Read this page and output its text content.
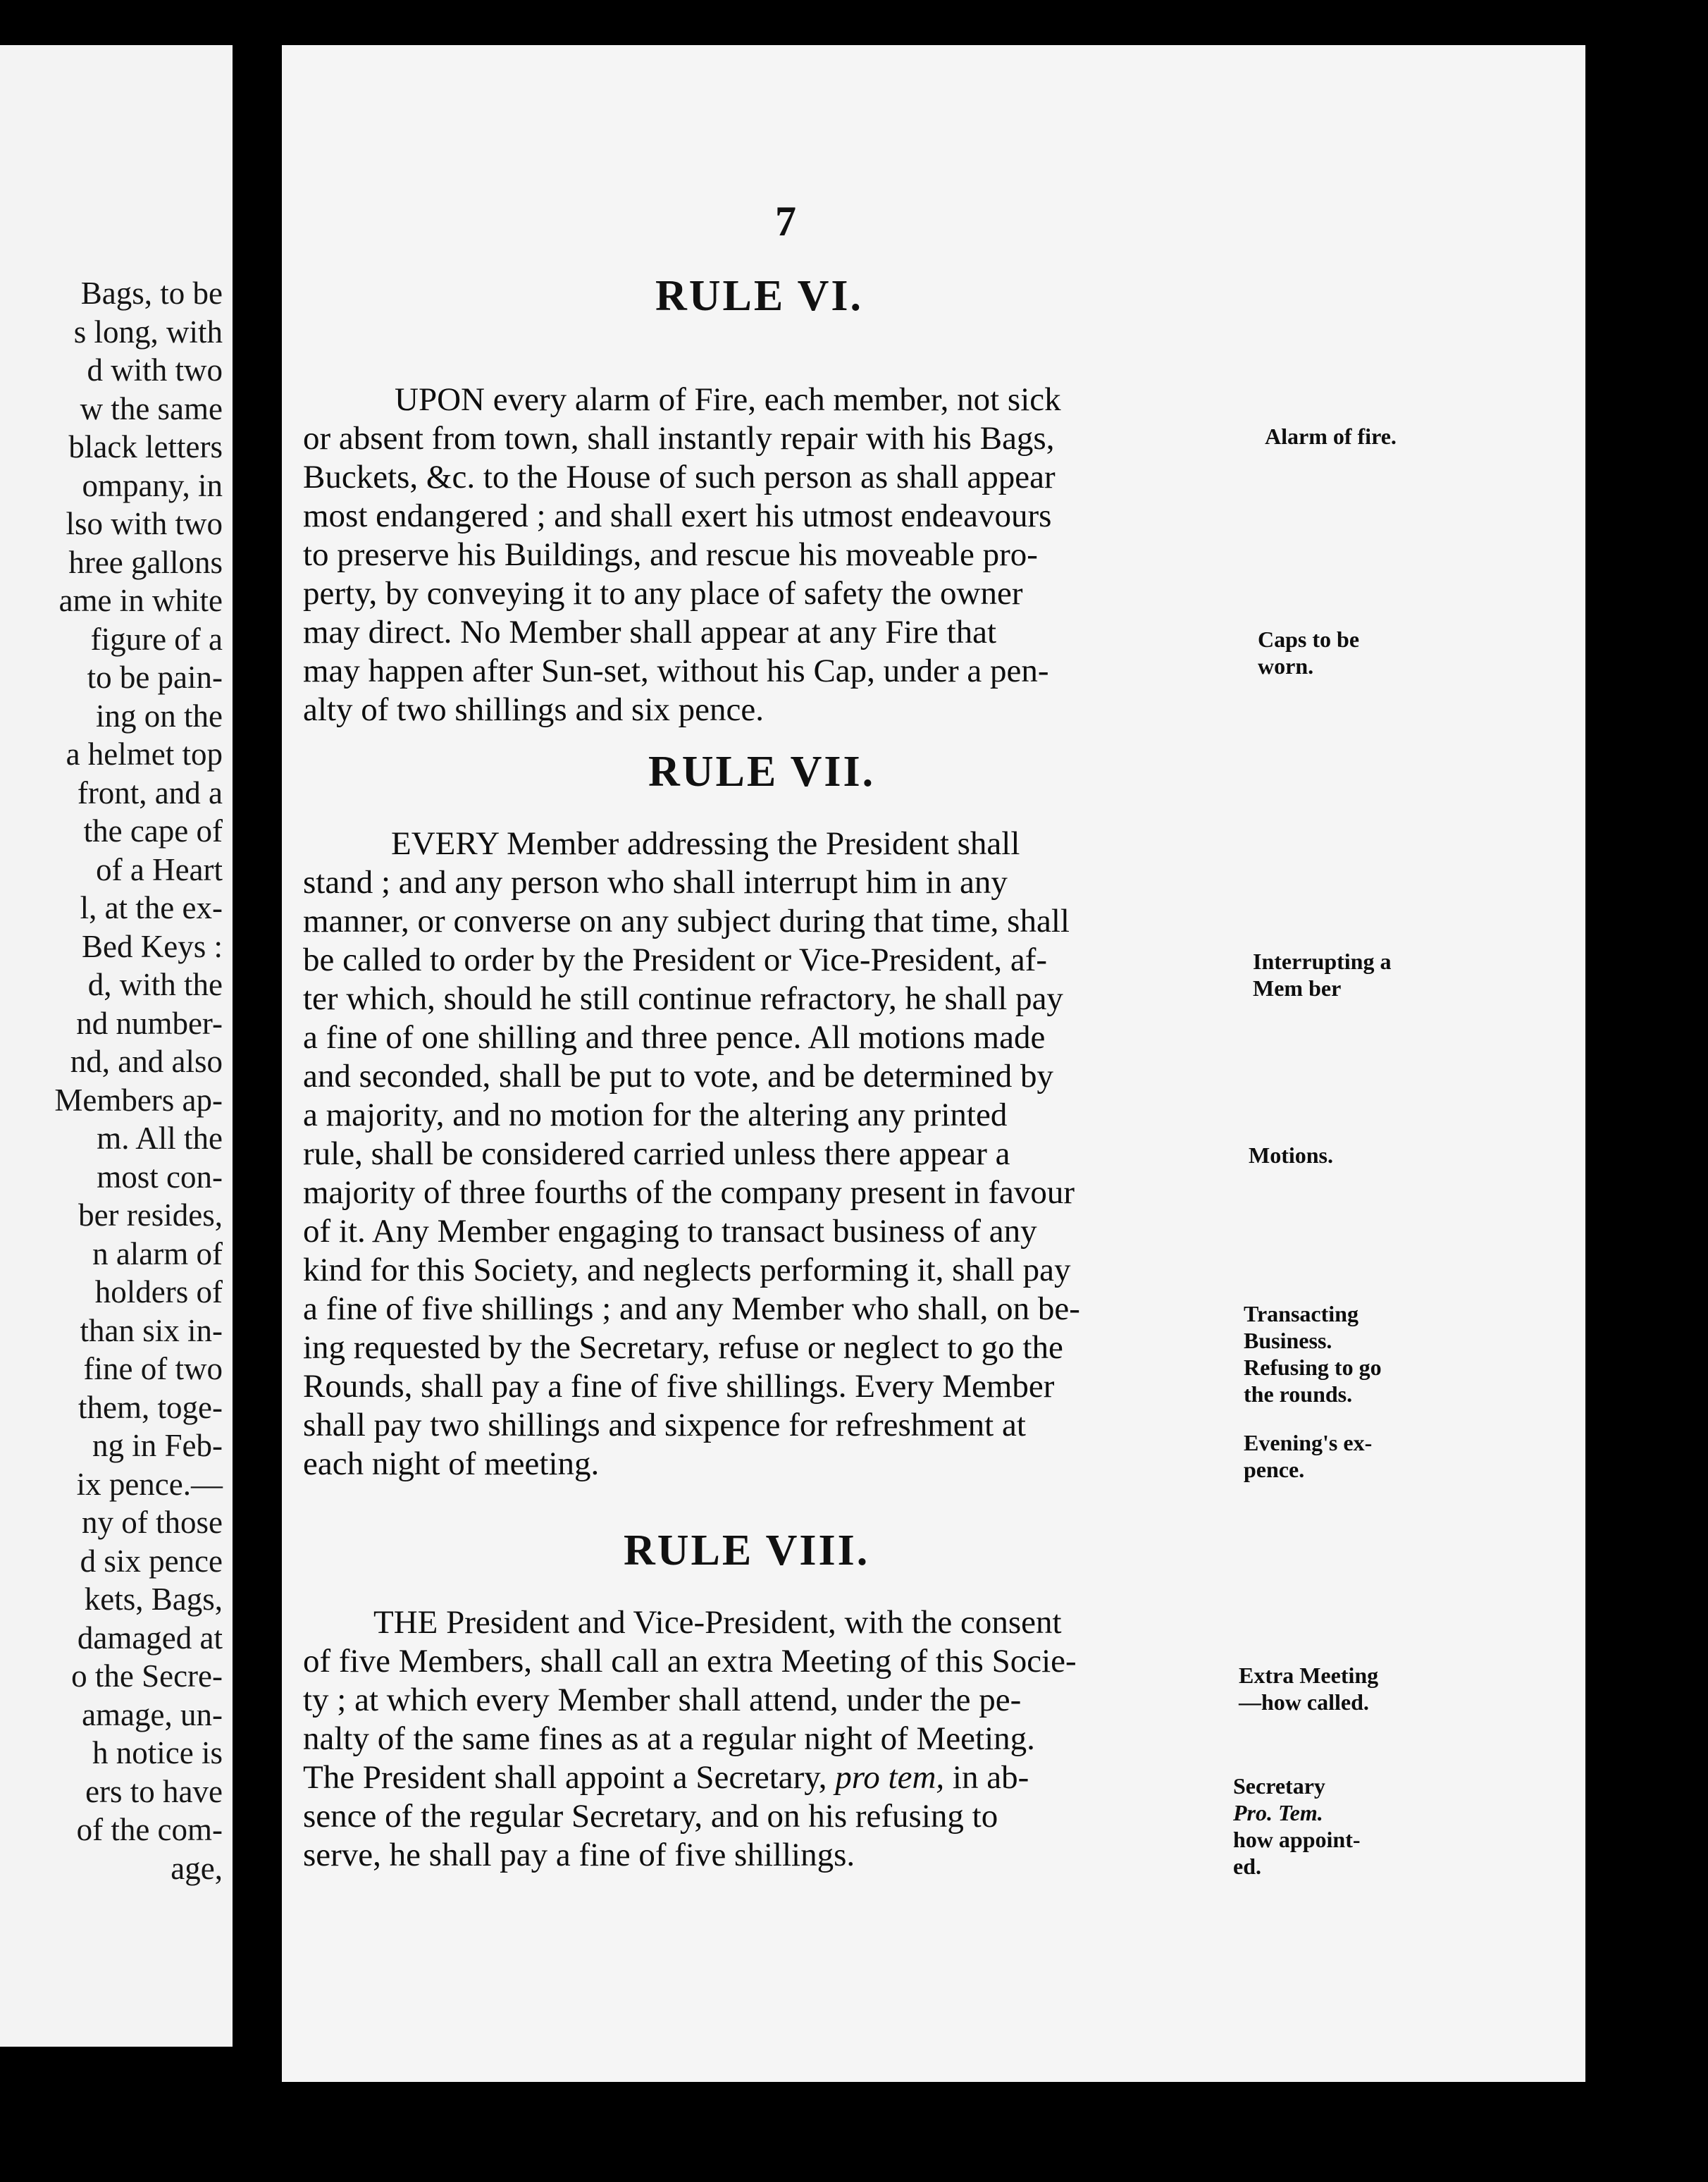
Bags, to be
s long, with
d with two
w the same
black letters
ompany, in
lso with two
hree gallons
ame in white
figure of a
to be pain-
ing on the
a helmet top
front, and a
the cape of
of a Heart
l, at the ex-
Bed Keys :
d, with the
nd number-
nd, and also
Members ap-
m. All the
most con-
ber resides,
n alarm of
holders of
than six in-
fine of two
them, toge-
ng in Feb-
ix pence.—
ny of those
d six pence
kets, Bags,
damaged at
o the Secre-
amage, un-
h notice is
ers to have
of the com-
age,
7
RULE VI.
UPON every alarm of Fire, each member, not sick
or absent from town, shall instantly repair with his Bags,
Buckets, &c. to the House of such person as shall appear
most endangered ; and shall exert his utmost endeavours
to preserve his Buildings, and rescue his moveable pro-
perty, by conveying it to any place of safety the owner
may direct. No Member shall appear at any Fire that
may happen after Sun-set, without his Cap, under a pen-
alty of two shillings and six pence.
RULE VII.
EVERY Member addressing the President shall
stand ; and any person who shall interrupt him in any
manner, or converse on any subject during that time, shall
be called to order by the President or Vice-President, af-
ter which, should he still continue refractory, he shall pay
a fine of one shilling and three pence. All motions made
and seconded, shall be put to vote, and be determined by
a majority, and no motion for the altering any printed
rule, shall be considered carried unless there appear a
majority of three fourths of the company present in favour
of it. Any Member engaging to transact business of any
kind for this Society, and neglects performing it, shall pay
a fine of five shillings ; and any Member who shall, on be-
ing requested by the Secretary, refuse or neglect to go the
Rounds, shall pay a fine of five shillings. Every Member
shall pay two shillings and sixpence for refreshment at
each night of meeting.
RULE VIII.
THE President and Vice-President, with the consent
of five Members, shall call an extra Meeting of this Socie-
ty ; at which every Member shall attend, under the pe-
nalty of the same fines as at a regular night of Meeting.
The President shall appoint a Secretary, pro tem, in ab-
sence of the regular Secretary, and on his refusing to
serve, he shall pay a fine of five shillings.
Alarm of fire.
Caps to be
worn.
Interrupting a
Mem ber
Motions.
Transacting
Business.
Refusing to go
the rounds.
Evening's ex-
pence.
Extra Meeting
—how called.
Secretary
Pro. Tem.
how appoint-
ed.
